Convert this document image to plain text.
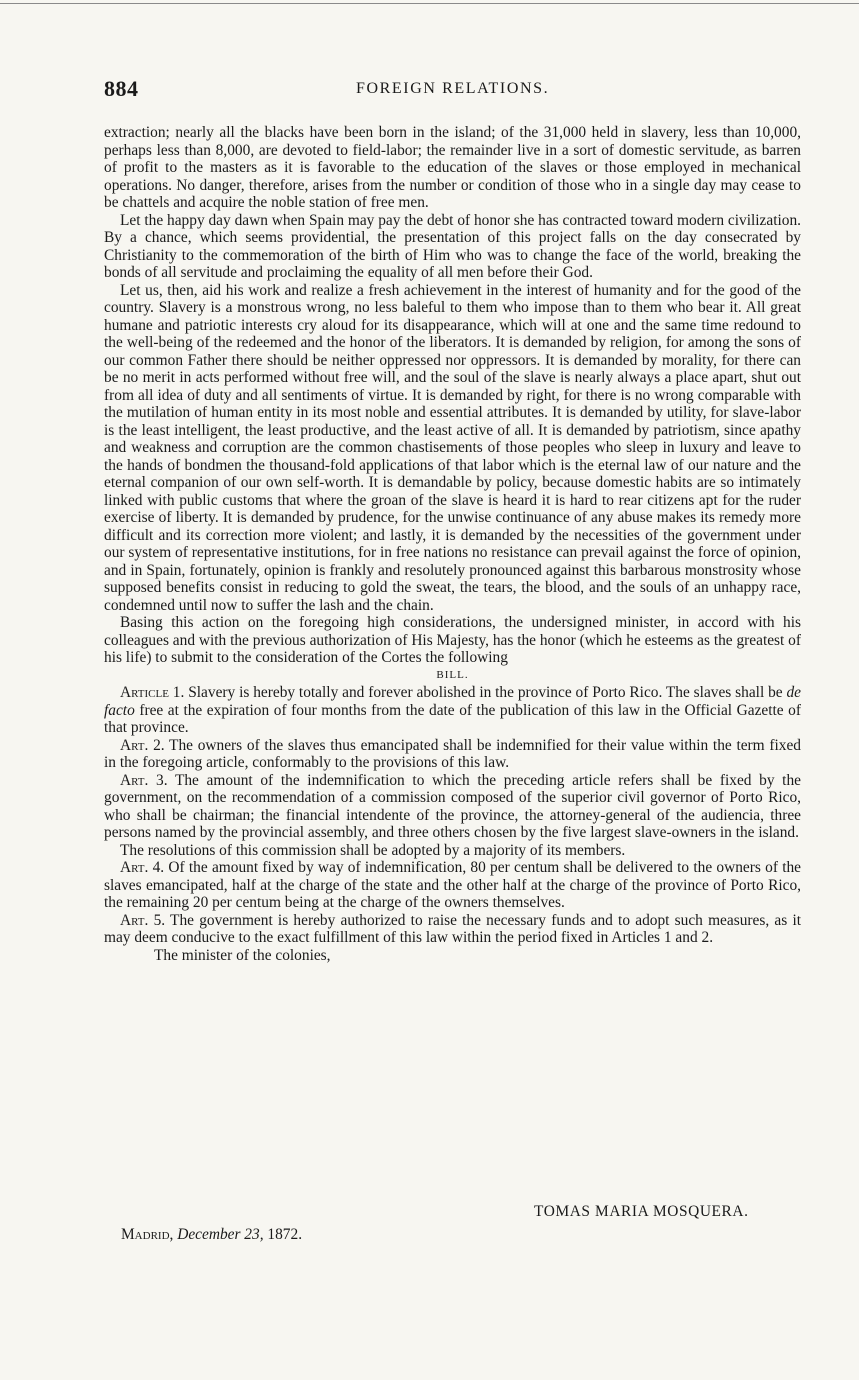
884	FOREIGN RELATIONS.

extraction; nearly all the blacks have been born in the island; of the 31,000 held in slavery, less than 10,000, perhaps less than 8,000, are devoted to field-labor; the remainder live in a sort of domestic servitude, as barren of profit to the masters as it is favorable to the education of the slaves or those employed in mechanical operations. No danger, therefore, arises from the number or condition of those who in a single day may cease to be chattels and acquire the noble station of free men.

Let the happy day dawn when Spain may pay the debt of honor she has contracted toward modern civilization. By a chance, which seems providential, the presentation of this project falls on the day consecrated by Christianity to the commemoration of the birth of Him who was to change the face of the world, breaking the bonds of all servitude and proclaiming the equality of all men before their God.

Let us, then, aid his work and realize a fresh achievement in the interest of humanity and for the good of the country. Slavery is a monstrous wrong, no less baleful to them who impose than to them who bear it. All great humane and patriotic interests cry aloud for its disappearance, which will at one and the same time redound to the well-being of the redeemed and the honor of the liberators. It is demanded by religion, for among the sons of our common Father there should be neither oppressed nor oppressors. It is demanded by morality, for there can be no merit in acts performed without free will, and the soul of the slave is nearly always a place apart, shut out from all idea of duty and all sentiments of virtue. It is demanded by right, for there is no wrong comparable with the mutilation of human entity in its most noble and essential attributes. It is demanded by utility, for slave-labor is the least intelligent, the least productive, and the least active of all. It is demanded by patriotism, since apathy and weakness and corruption are the common chastisements of those peoples who sleep in luxury and leave to the hands of bondmen the thousand-fold applications of that labor which is the eternal law of our nature and the eternal companion of our own self-worth. It is demandable by policy, because domestic habits are so intimately linked with public customs that where the groan of the slave is heard it is hard to rear citizens apt for the ruder exercise of liberty. It is demanded by prudence, for the unwise continuance of any abuse makes its remedy more difficult and its correction more violent; and lastly, it is demanded by the necessities of the government under our system of representative institutions, for in free nations no resistance can prevail against the force of opinion, and in Spain, fortunately, opinion is frankly and resolutely pronounced against this barbarous monstrosity whose supposed benefits consist in reducing to gold the sweat, the tears, the blood, and the souls of an unhappy race, condemned until now to suffer the lash and the chain.

Basing this action on the foregoing high considerations, the undersigned minister, in accord with his colleagues and with the previous authorization of His Majesty, has the honor (which he esteems as the greatest of his life) to submit to the consideration of the Cortes the following

BILL.

Article 1. Slavery is hereby totally and forever abolished in the province of Porto Rico. The slaves shall be de facto free at the expiration of four months from the date of the publication of this law in the Official Gazette of that province.

Art. 2. The owners of the slaves thus emancipated shall be indemnified for their value within the term fixed in the foregoing article, conformably to the provisions of this law.

Art. 3. The amount of the indemnification to which the preceding article refers shall be fixed by the government, on the recommendation of a commission composed of the superior civil governor of Porto Rico, who shall be chairman; the financial intendente of the province, the attorney-general of the audiencia, three persons named by the provincial assembly, and three others chosen by the five largest slave-owners in the island.

The resolutions of this commission shall be adopted by a majority of its members.

Art. 4. Of the amount fixed by way of indemnification, 80 per centum shall be delivered to the owners of the slaves emancipated, half at the charge of the state and the other half at the charge of the province of Porto Rico, the remaining 20 per centum being at the charge of the owners themselves.

Art. 5. The government is hereby authorized to raise the necessary funds and to adopt such measures, as it may deem conducive to the exact fulfillment of this law within the period fixed in Articles 1 and 2.

The minister of the colonies,

TOMAS MARIA MOSQUERA.
Madrid, December 23, 1872.
